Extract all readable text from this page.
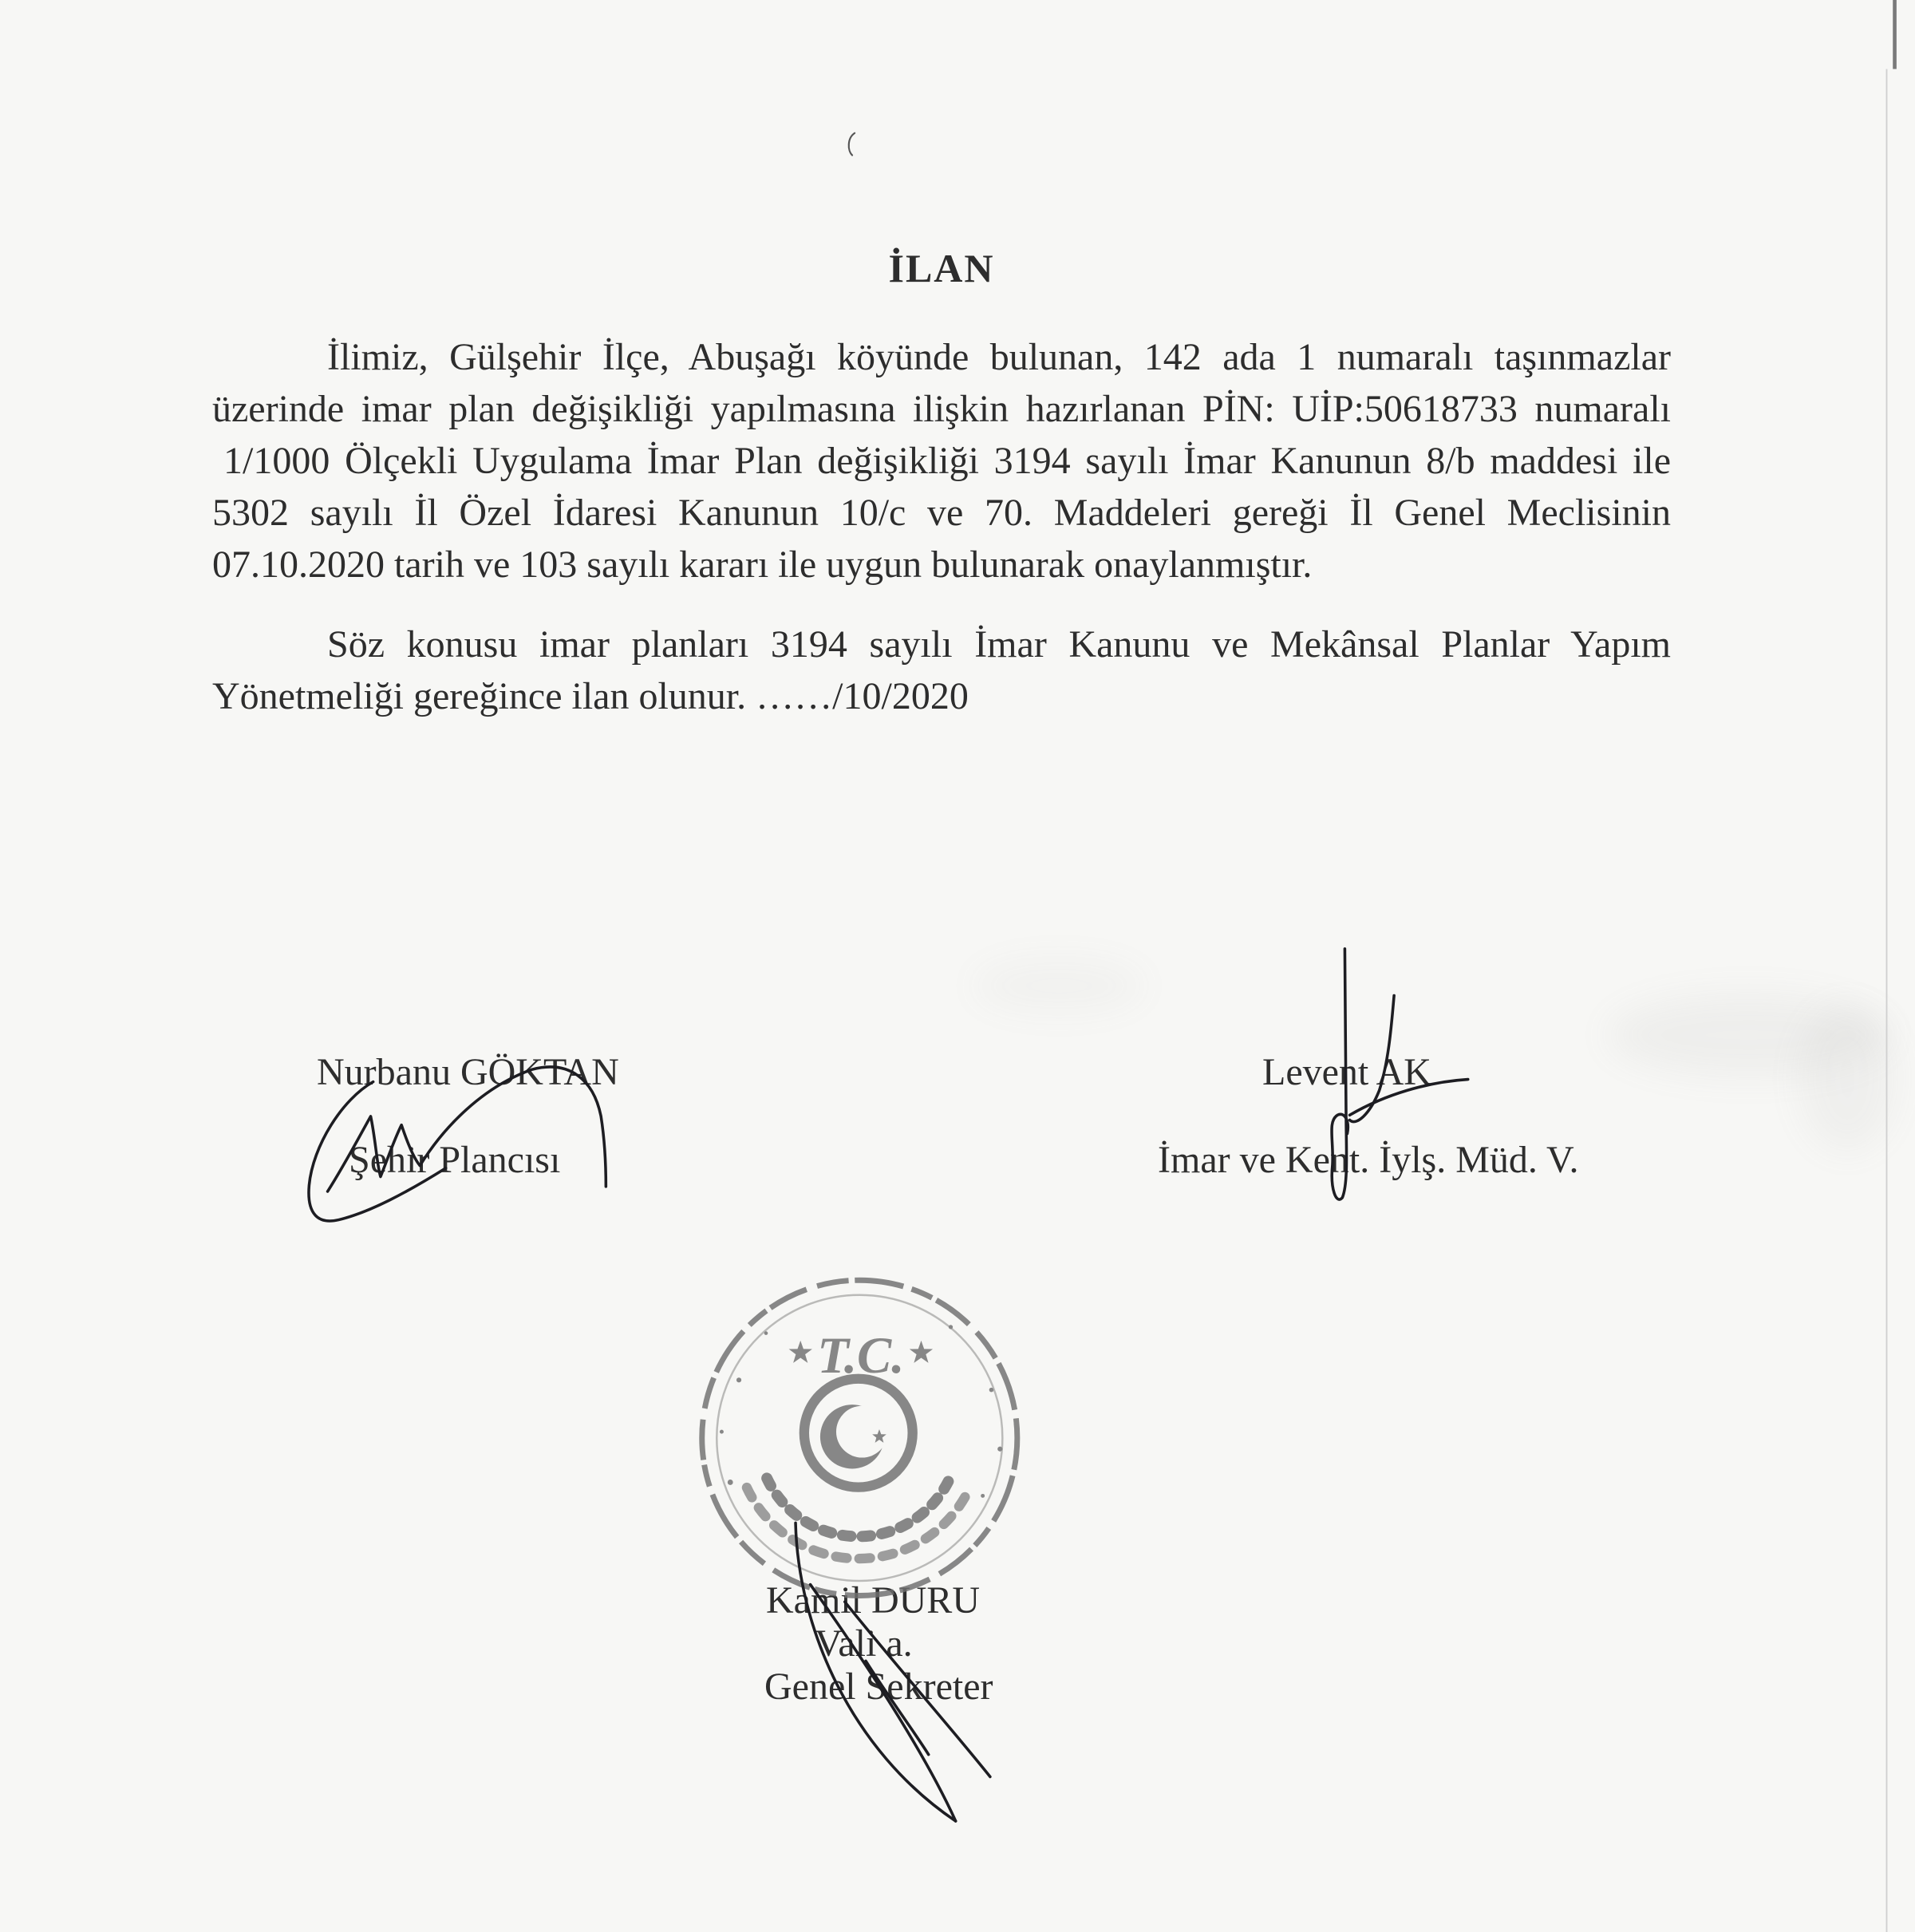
İLAN
İlimiz, Gülşehir İlçe, Abuşağı köyünde bulunan, 142 ada 1 numaralı taşınmazlar
üzerinde imar plan değişikliği yapılmasına ilişkin hazırlanan PİN: UİP:50618733 numaralı
1/1000 Ölçekli Uygulama İmar Plan değişikliği 3194 sayılı İmar Kanunun 8/b maddesi ile
5302 sayılı İl Özel İdaresi Kanunun 10/c ve 70. Maddeleri gereği İl Genel Meclisinin
07.10.2020 tarih ve 103 sayılı kararı ile uygun bulunarak onaylanmıştır.
Söz konusu imar planları 3194 sayılı İmar Kanunu ve Mekânsal Planlar Yapım
Yönetmeliği gereğince ilan olunur. ……/10/2020
Nurbanu GÖKTAN
Şehir Plancısı
Levent AK
İmar ve Kent. İylş. Müd. V.
Kamil DURU
Vali a.
Genel Sekreter
T.C.
